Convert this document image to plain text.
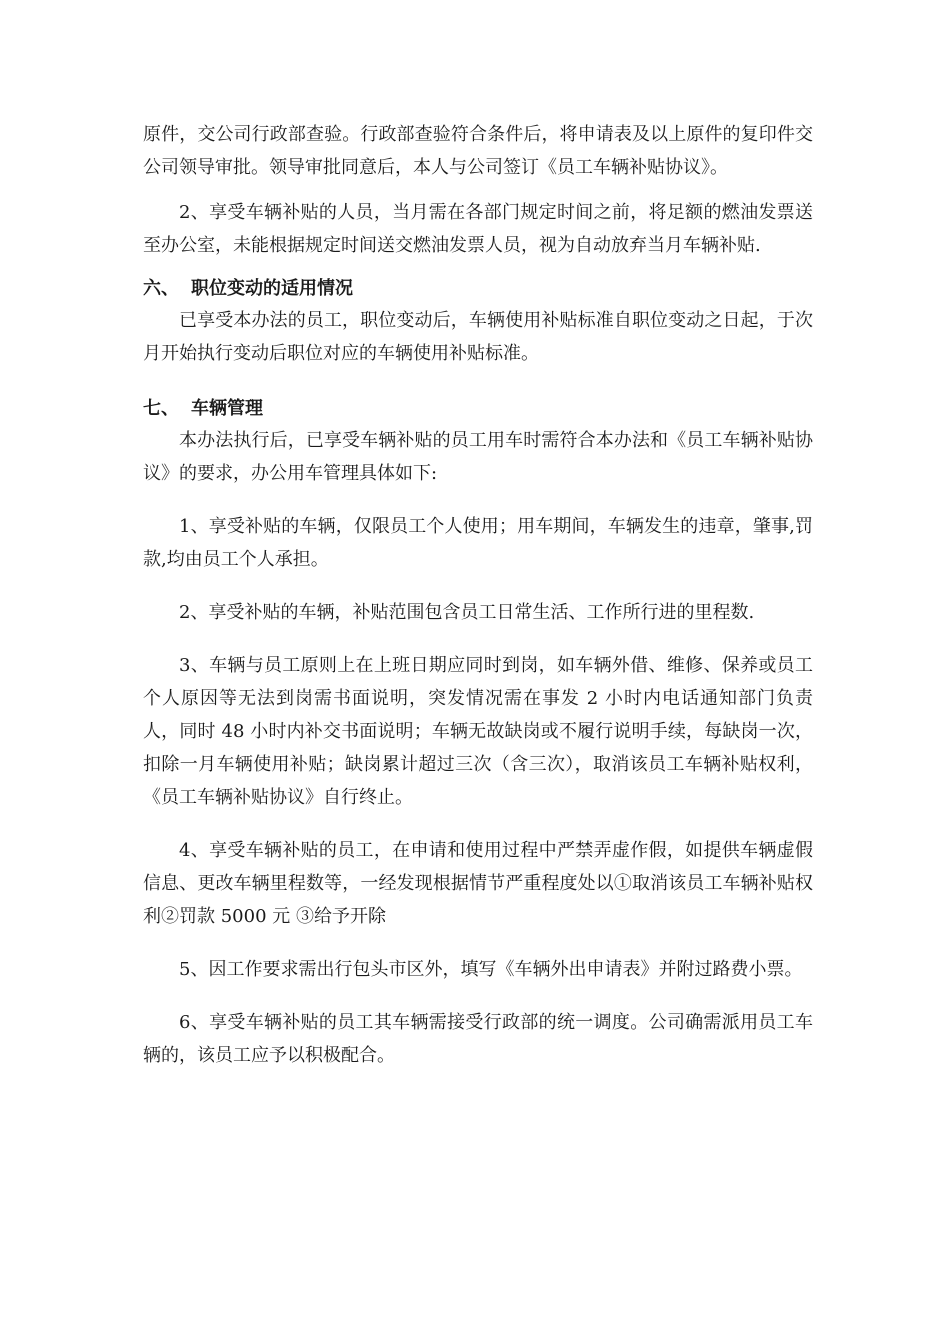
原件，交公司行政部查验。行政部查验符合条件后，将申请表及以上原件的复印件交公司领导审批。领导审批同意后，本人与公司签订《员工车辆补贴协议》。

2、享受车辆补贴的人员，当月需在各部门规定时间之前，将足额的燃油发票送至办公室，未能根据规定时间送交燃油发票人员，视为自动放弃当月车辆补贴.

六、 职位变动的适用情况

已享受本办法的员工，职位变动后，车辆使用补贴标准自职位变动之日起，于次月开始执行变动后职位对应的车辆使用补贴标准。

七、 车辆管理

本办法执行后，已享受车辆补贴的员工用车时需符合本办法和《员工车辆补贴协议》的要求，办公用车管理具体如下:

1、享受补贴的车辆，仅限员工个人使用；用车期间，车辆发生的违章，肇事,罚款,均由员工个人承担。

2、享受补贴的车辆，补贴范围包含员工日常生活、工作所行进的里程数.

3、车辆与员工原则上在上班日期应同时到岗，如车辆外借、维修、保养或员工个人原因等无法到岗需书面说明，突发情况需在事发 2 小时内电话通知部门负责人，同时 48 小时内补交书面说明；车辆无故缺岗或不履行说明手续，每缺岗一次，扣除一月车辆使用补贴；缺岗累计超过三次（含三次），取消该员工车辆补贴权利，《员工车辆补贴协议》自行终止。

4、享受车辆补贴的员工，在申请和使用过程中严禁弄虚作假，如提供车辆虚假信息、更改车辆里程数等，一经发现根据情节严重程度处以①取消该员工车辆补贴权利②罚款 5000 元 ③给予开除

5、因工作要求需出行包头市区外，填写《车辆外出申请表》并附过路费小票。

6、享受车辆补贴的员工其车辆需接受行政部的统一调度。公司确需派用员工车辆的，该员工应予以积极配合。
